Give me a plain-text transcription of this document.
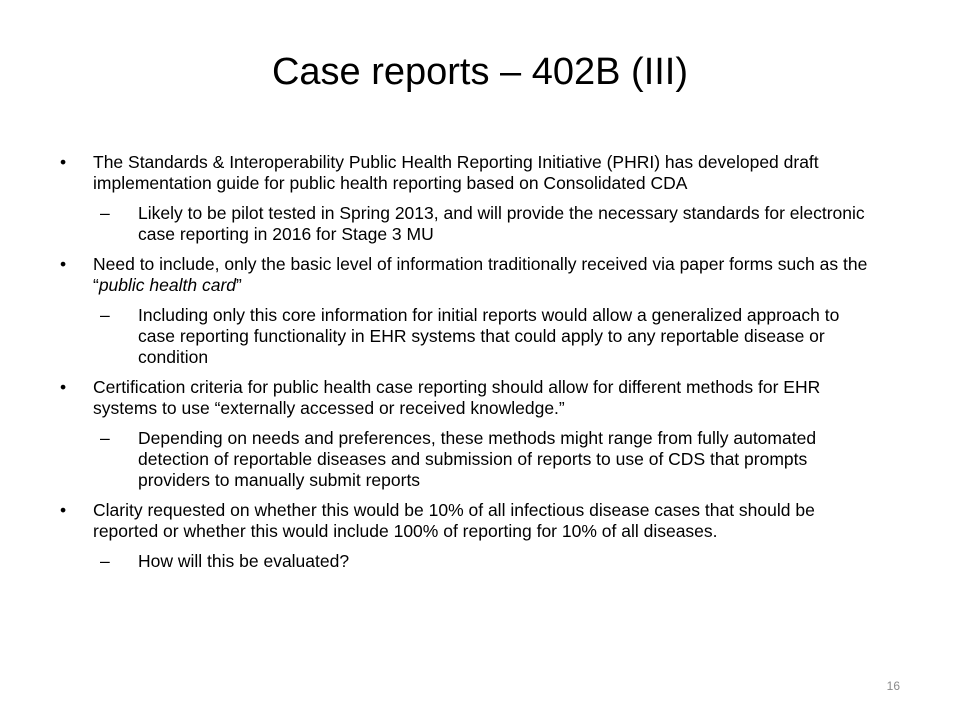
Case reports – 402B (III)
•	The Standards & Interoperability Public Health Reporting Initiative (PHRI) has developed draft implementation guide for public health reporting based on Consolidated CDA
– Likely to be pilot tested in Spring 2013, and will provide the necessary standards for electronic case reporting in 2016 for Stage 3 MU
•	Need to include, only the basic level of information traditionally received via paper forms such as the “public health card”
– Including only this core information for initial reports would allow a generalized approach to case reporting functionality in EHR systems that could apply to any reportable disease or condition
•	Certification criteria for public health case reporting should allow for different methods for EHR systems to use “externally accessed or received knowledge.”
– Depending on needs and preferences, these methods might range from fully automated detection of reportable diseases and submission of reports to use of CDS that prompts providers to manually submit reports
•	Clarity requested on whether this would be 10% of all infectious disease cases that should be reported or whether this would include 100% of reporting for 10% of all diseases.
– How will this be evaluated?
16
